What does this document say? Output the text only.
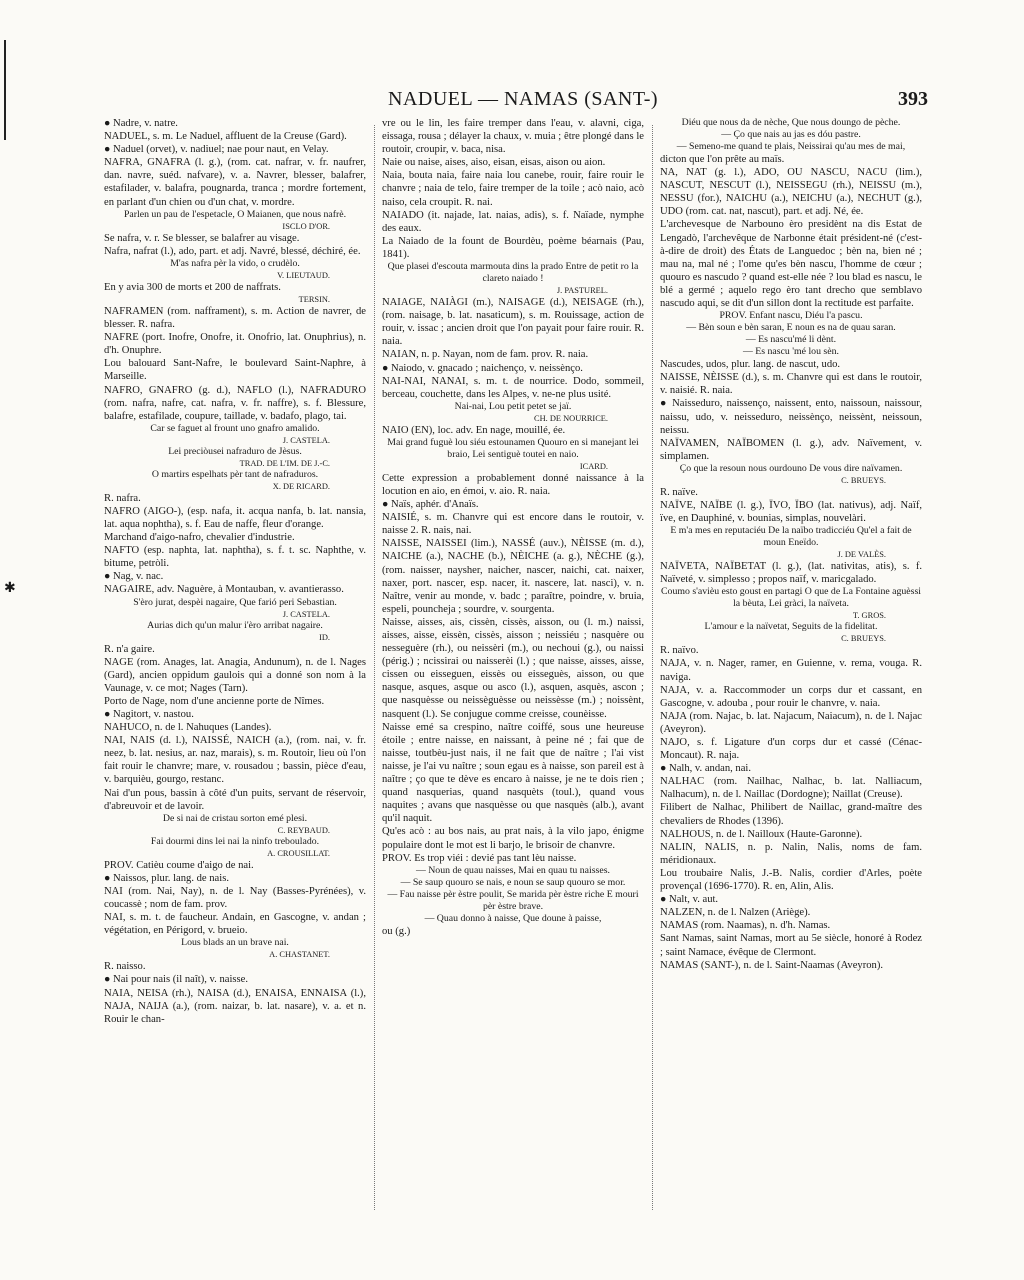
✱
NADUEL — NAMAS (SANT-)	393

● Nadre, v. natre.

NADUEL, s. m. Le Naduel, affluent de la Creuse (Gard).

● Naduel (orvet), v. nadiuel; nae pour naut, en Velay.

NAFRA, GNAFRA (l. g.), (rom. cat. nafrar, v. fr. naufrer, dan. navre, suéd. nafvare), v. a. Navrer, blesser, balafrer, estafilader, v. balafra, pougnarda, tranca ; mordre fortement, en parlant d'un chien ou d'un chat, v. mordre.

Parlen un pau de l'espetacle, O Maianen, que nous nafrè.

ISCLO D'OR.

Se nafra, v. r. Se blesser, se balafrer au visage.

Nafra, nafrat (l.), ado, part. et adj. Navré, blessé, déchiré, ée.

M'as nafra pèr la vido, o crudèlo.

V. LIEUTAUD.

En y avia 300 de morts et 200 de naffrats.

TERSIN.

NAFRAMEN (rom. nafframent), s. m. Action de navrer, de blesser. R. nafra.

NAFRE (port. Inofre, Onofre, it. Onofrio, lat. Onuphrius), n. d'h. Onuphre.

Lou balouard Sant-Nafre, le boulevard Saint-Naphre, à Marseille.

NAFRO, GNAFRO (g. d.), NAFLO (l.), NAFRADURO (rom. nafra, nafre, cat. nafra, v. fr. naffre), s. f. Blessure, balafre, estafilade, coupure, taillade, v. badafo, plago, tai.

Car se faguet al frount uno gnafro amalido.

J. CASTELA.

Lei preciòusei nafraduro de Jèsus.

TRAD. DE L'IM. DE J.-C.

O martirs espelhats pèr tant de nafraduros.

X. DE RICARD.

R. nafra.

NAFRO (AIGO-), (esp. nafa, it. acqua nanfa, b. lat. nansia, lat. aqua nophtha), s. f. Eau de naffe, fleur d'orange.

Marchand d'aigo-nafro, chevalier d'industrie.

NAFTO (esp. naphta, lat. naphtha), s. f. t. sc. Naphthe, v. bitume, petròli.

● Nag, v. nac.

NAGAIRE, adv. Naguère, à Montauban, v. avantierasso.

S'èro jurat, despèi nagaire, Que farió peri Sebastian.

J. CASTELA.

Aurias dich qu'un malur i'èro arribat nagaire.

ID.

R. n'a gaire.

NAGE (rom. Anages, lat. Anagia, Andunum), n. de l. Nages (Gard), ancien oppidum gaulois qui a donné son nom à la Vaunage, v. ce mot; Nages (Tarn).

Porto de Nage, nom d'une ancienne porte de Nîmes.

● Nagitort, v. nastou.

NAHUCO, n. de l. Nahuques (Landes).

NAI, NAIS (d. l.), NAISSÉ, NAICH (a.), (rom. nai, v. fr. neez, b. lat. nesius, ar. naz, marais), s. m. Routoir, lieu où l'on fait rouir le chanvre; mare, v. rousadou ; bassin, pièce d'eau, v. barquièu, gourgo, restanc.

Nai d'un pous, bassin à côté d'un puits, servant de réservoir, d'abreuvoir et de lavoir.

De si nai de cristau sorton emé plesi.

C. REYBAUD.

Fai dourmi dins lei nai la ninfo treboulado.

A. CROUSILLAT.

PROV. Catièu coume d'aigo de nai.

● Naissos, plur. lang. de nais.

NAI (rom. Nai, Nay), n. de l. Nay (Basses-Pyrénées), v. coucassè ; nom de fam. prov.

NAI, s. m. t. de faucheur. Andain, en Gascogne, v. andan ; végétation, en Périgord, v. brueio.

Lous blads an un brave nai.

A. CHASTANET.

R. naisso.

● Nai pour nais (il naît), v. naisse.

NAIA, NEISA (rh.), NAISA (d.), ENAISA, ENNAISA (l.), NAJA, NAIJA (a.), (rom. naizar, b. lat. nasare), v. a. et n. Rouir le chan-

vre ou le lin, les faire tremper dans l'eau, v. alavni, ciga, eissaga, rousa ; délayer la chaux, v. muia ; être plongé dans le routoir, croupir, v. baca, nisa.

Naie ou naise, aises, aiso, eisan, eisas, aison ou aion.

Naia, bouta naia, faire naia lou canebe, rouir, faire rouir le chanvre ; naia de telo, faire tremper de la toile ; acò naio, acò naiso, cela croupit. R. nai.

NAIADO (it. najade, lat. naias, adis), s. f. Naïade, nymphe des eaux.

La Naiado de la fount de Bourdèu, poème béarnais (Pau, 1841).

Que plasei d'escouta marmouta dins la prado Entre de petit ro la clareto naiado !

J. PASTUREL.

NAIAGE, NAIÀGI (m.), NAISAGE (d.), NEISAGE (rh.), (rom. naisage, b. lat. nasaticum), s. m. Rouissage, action de rouir, v. issac ; ancien droit que l'on payait pour faire rouir. R. naia.

NAIAN, n. p. Nayan, nom de fam. prov. R. naia.

● Naiodo, v. gnacado ; naichenço, v. neissènço.

NAI-NAI, NANAI, s. m. t. de nourrice. Dodo, sommeil, berceau, couchette, dans les Alpes, v. ne-ne plus usité.

Nai-nai, Lou petit petet se jaï.

CH. DE NOURRICE.

NAIO (EN), loc. adv. En nage, mouillé, ée.

Mai grand fuguè lou siéu estounamen Quouro en si manejant lei braio, Lei sentiguè toutei en naio.

ICARD.

Cette expression a probablement donné naissance à la locution en aio, en émoi, v. aio. R. naia.

● Naïs, aphér. d'Anaïs.

NAISIÉ, s. m. Chanvre qui est encore dans le routoir, v. naisse 2. R. nais, nai.

NAISSE, NAISSEI (lim.), NASSÉ (auv.), NÈISSE (m. d.), NAICHE (a.), NACHE (b.), NÈICHE (a. g.), NÈCHE (g.), (rom. naisser, naysher, naicher, nascer, naichi, cat. naixer, naxer, port. nascer, esp. nacer, it. nascere, lat. nasci), v. n. Naître, venir au monde, v. badc ; paraître, poindre, v. bruia, espeli, pouncheja ; sourdre, v. sourgenta.

Naisse, aisses, ais, cissèn, cissès, aisson, ou (l. m.) naissi, aisses, aisse, eissèn, cissès, aisson ; neissiéu ; nasquère ou nesseguère (rh.), ou neissèri (m.), ou nechoui (g.), ou naissi (périg.) ; ncissirai ou naisserèi (l.) ; que naisse, aisses, aisse, cissen ou eisseguen, eissès ou eisseguès, aisson, ou que nasque, asques, asque ou asco (l.), asquen, asquès, ascon ; que nasquèsse ou neissèguèsse ou neissèsse (m.) ; noissènt, nasquent (l.). Se conjugue comme creisse, counèisse.

Naisse emé sa crespino, naître coiffé, sous une heureuse étoile ; entre naisse, en naissant, à peine né ; fai que de naisse, toutbèu-just nais, il ne fait que de naître ; l'ai vist naisse, je l'ai vu naître ; soun egau es à naisse, son pareil est à naître ; ço que te dève es encaro à naisse, je ne te dois rien ; quand nasquerias, quand nasquèts (toul.), quand vous naquites ; avans que nasquèsse ou que nasquès (alb.), avant qu'il naquit.

Qu'es acò : au bos nais, au prat nais, à la vilo japo, énigme populaire dont le mot est li barjo, le brisoir de chanvre.

PROV. Es trop viéi : devié pas tant lèu naisse.

— Noun de quau naisses, Mai en quau tu naisses.

— Se saup quouro se nais, e noun se saup quouro se mor.

— Fau naisse pèr èstre poulit, Se marida pèr èstre riche E mouri pèr èstre brave.

— Quau donno à naisse, Que doune à paisse,

ou (g.)

Diéu que nous da de nèche, Que nous doungo de pèche.

— Ço que nais au jas es dóu pastre.

— Semeno-me quand te plais, Neissirai qu'au mes de mai,

dicton que l'on prête au maïs.

NA, NAT (g. l.), ADO, OU NASCU, NACU (lim.), NASCUT, NESCUT (l.), NEISSEGU (rh.), NEISSU (m.), NESSU (for.), NAICHU (a.), NEICHU (a.), NECHUT (g.), UDO (rom. cat. nat, nascut), part. et adj. Né, ée.

L'archevesque de Narbouno èro presidènt na dis Estat de Lengadò, l'archevêque de Narbonne était président-né (c'est-à-dire de droit) des États de Languedoc ; bèn na, bien né ; mau na, mal né ; l'ome qu'es bèn nascu, l'homme de cœur ; quouro es nascudo ? quand est-elle née ? lou blad es nascu, le blé a germé ; aquelo rego èro tant drecho que semblavo nascudo aqui, se dit d'un sillon dont la rectitude est parfaite.

PROV. Enfant nascu, Diéu l'a pascu.

— Bèn soun e bèn saran, E noun es na de quau saran.

— Es nascu'mé li dènt.

— Es nascu 'mé lou sèn.

Nascudes, udos, plur. lang. de nascut, udo.

NAISSE, NÈISSE (d.), s. m. Chanvre qui est dans le routoir, v. naisié. R. naia.

● Naisseduro, naissenço, naissent, ento, naissoun, naissour, naissu, udo, v. neisseduro, neissènço, neissènt, neissoun, neissu.

NAÏVAMEN, NAÏBOMEN (l. g.), adv. Naïvement, v. simplamen.

Ço que la resoun nous ourdouno De vous dire naïvamen.

C. BRUEYS.

R. naïve.

NAÏVE, NAÏBE (l. g.), ÏVO, ÏBO (lat. nativus), adj. Naïf, ïve, en Dauphiné, v. bounias, simplas, nouvelàri.

E m'a mes en reputaciéu De la naïbo tradicciéu Qu'el a fait de moun Eneïdo.

J. DE VALÈS.

NAÏVETA, NAÏBETAT (l. g.), (lat. nativitas, atis), s. f. Naïveté, v. simplesso ; propos naïf, v. maricgalado.

Coumo s'avièu esto goust en partagi O que de La Fontaine aguèssi la bèuta, Lei gràci, la naïveta.

T. GROS.

L'amour e la naïvetat, Seguits de la fidelitat.

C. BRUEYS.

R. naïvo.

NAJA, v. n. Nager, ramer, en Guienne, v. rema, vouga. R. naviga.

NAJA, v. a. Raccommoder un corps dur et cassant, en Gascogne, v. adouba , pour rouir le chanvre, v. naia.

NAJA (rom. Najac, b. lat. Najacum, Naiacum), n. de l. Najac (Aveyron).

NAJO, s. f. Ligature d'un corps dur et cassé (Cénac-Moncaut). R. naja.

● Nalh, v. andan, nai.

NALHAC (rom. Nailhac, Nalhac, b. lat. Nalliacum, Nalhacum), n. de l. Naillac (Dordogne); Naillat (Creuse).

Filibert de Nalhac, Philibert de Naillac, grand-maître des chevaliers de Rhodes (1396).

NALHOUS, n. de l. Nailloux (Haute-Garonne).

NALIN, NALIS, n. p. Nalin, Nalis, noms de fam. méridionaux.

Lou troubaire Nalis, J.-B. Nalis, cordier d'Arles, poète provençal (1696-1770). R. en, Alin, Alis.

● Nalt, v. aut.

NALZEN, n. de l. Nalzen (Ariège).

NAMAS (rom. Naamas), n. d'h. Namas.

Sant Namas, saint Namas, mort au 5e siècle, honoré à Rodez ; saint Namace, évêque de Clermont.

NAMAS (SANT-), n. de l. Saint-Naamas (Aveyron).
